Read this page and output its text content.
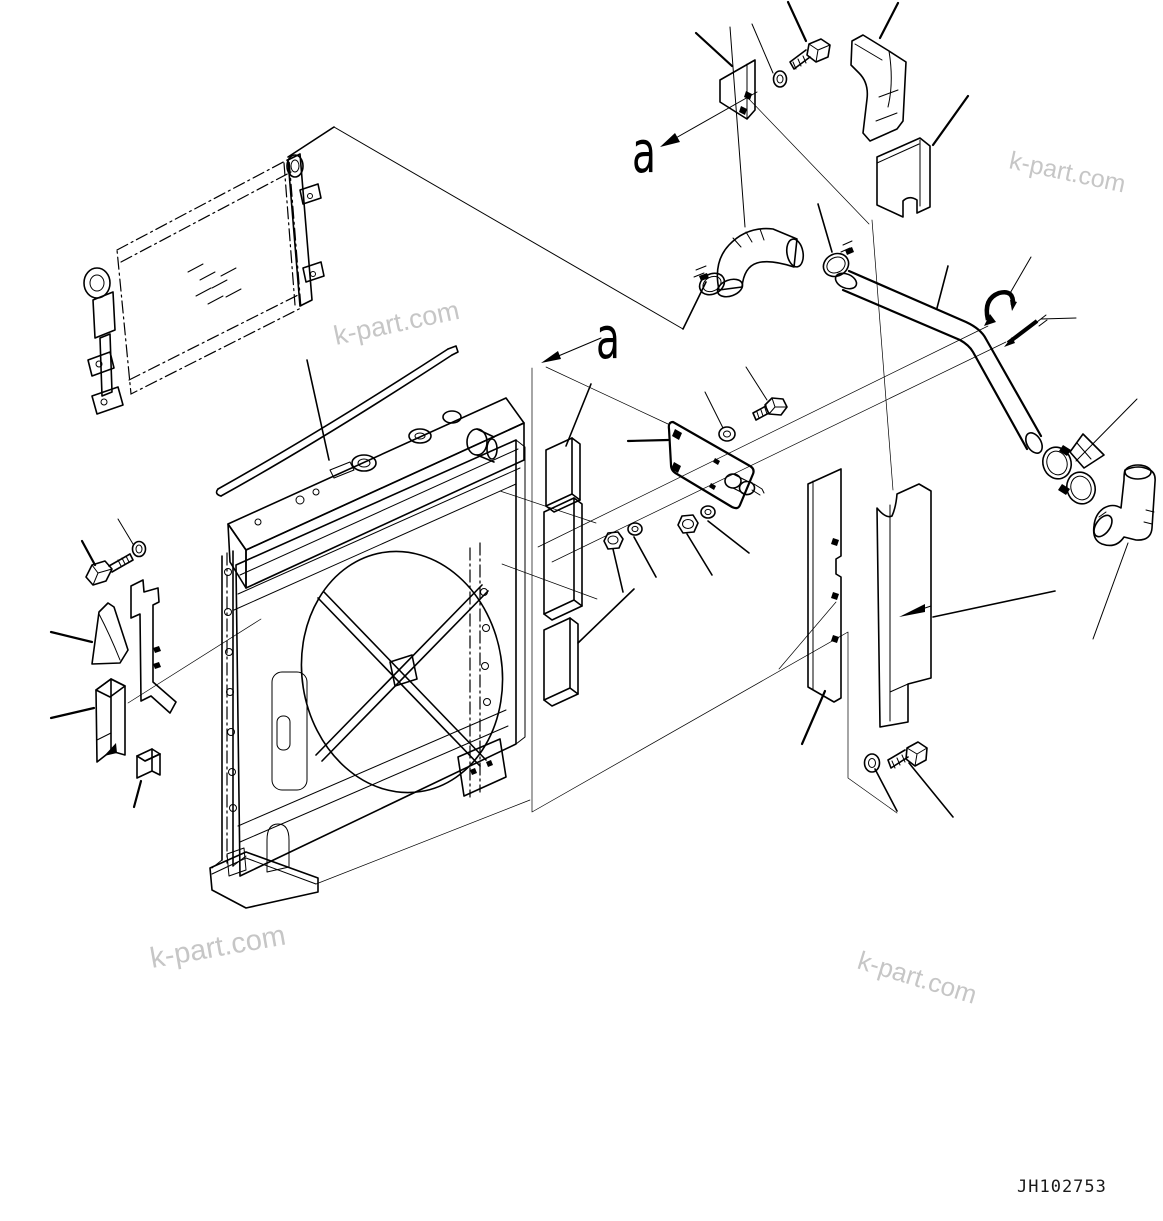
a
a
k-part.com
k-part.com
k-part.com	k-part.com
JH102753
